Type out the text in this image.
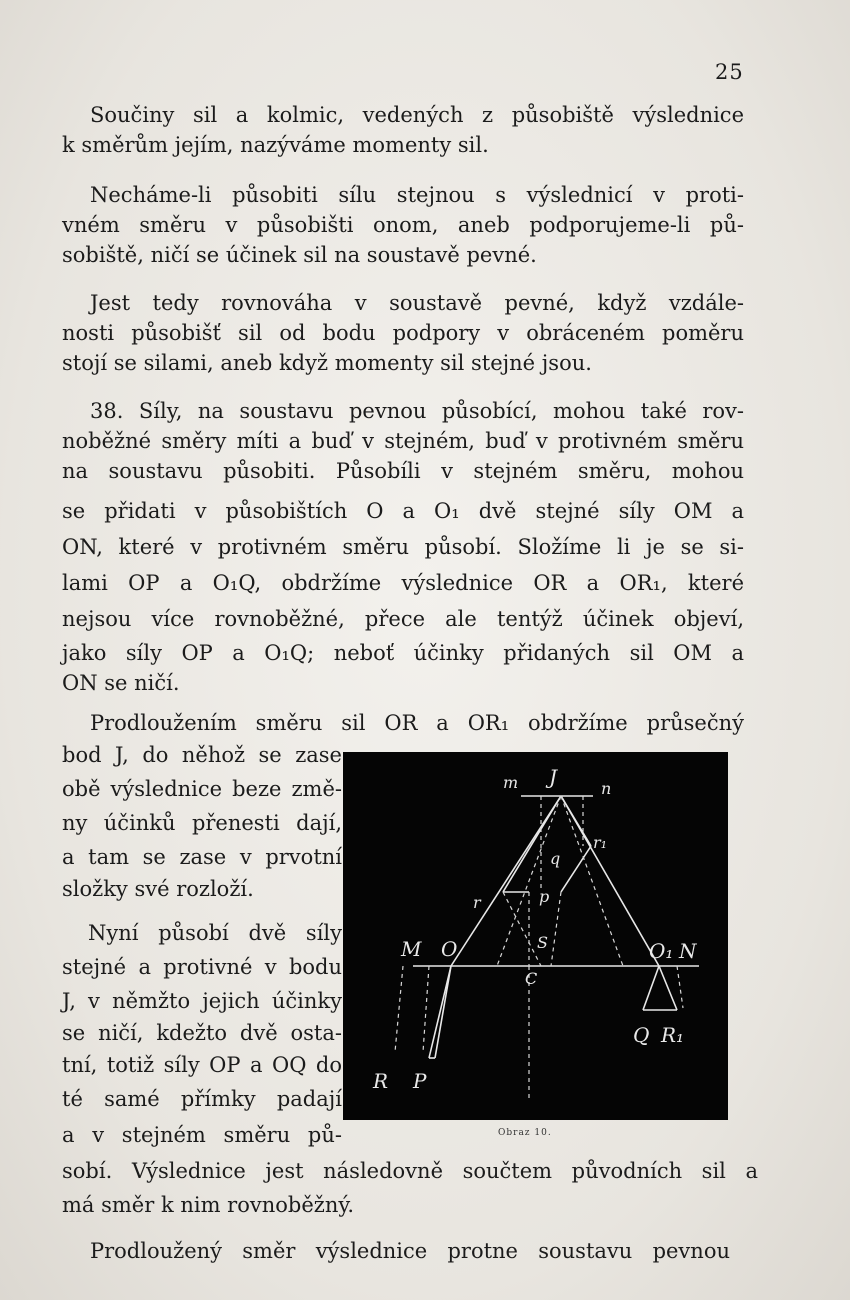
25
Součiny sil a kolmic, vedených z působiště výslednice
k směrům jejím, nazýváme momenty sil.
Necháme-li působiti sílu stejnou s výslednicí v proti-
vném směru v působišti onom, aneb podporujeme-li pů-
sobiště, ničí se účinek sil na soustavě pevné.
Jest tedy rovnováha v soustavě pevné, když vzdále-
nosti působišť sil od bodu podpory v obráceném poměru
stojí se silami, aneb když momenty sil stejné jsou.
38. Síly, na soustavu pevnou působící, mohou také rov-
noběžné směry míti a buď v stejném, buď v protivném směru
na soustavu působiti. Působíli v stejném směru, mohou
se přidati v působištích O a O₁ dvě stejné síly OM a
ON, které v protivném směru působí. Složíme li je se si-
lami OP a O₁Q, obdržíme výslednice OR a OR₁, které
nejsou více rovnoběžné, přece ale tentýž účinek objeví,
jako síly OP a O₁Q; neboť účinky přidaných sil OM a
ON se ničí.
Prodloužením směru sil OR a OR₁ obdržíme průsečný
bod J, do něhož se zase
obě výslednice beze změ-
ny účinků přenesti dají,
a tam se zase v prvotní
složky své rozloží.
Nyní působí dvě síly
stejné a protivné v bodu
J, v němžto jejich účinky
se ničí, kdežto dvě osta-
tní, totiž síly OP a OQ do
té samé přímky padají
a v stejném směru pů-
sobí. Výslednice jest následovně součtem původních sil a
má směr k nim rovnoběžný.
Prodloužený směr výslednice protne soustavu pevnou
m J	n
r₁
q
r	p
M O	S	O₁ N
C
Q R₁
R P
Obraz 10.
